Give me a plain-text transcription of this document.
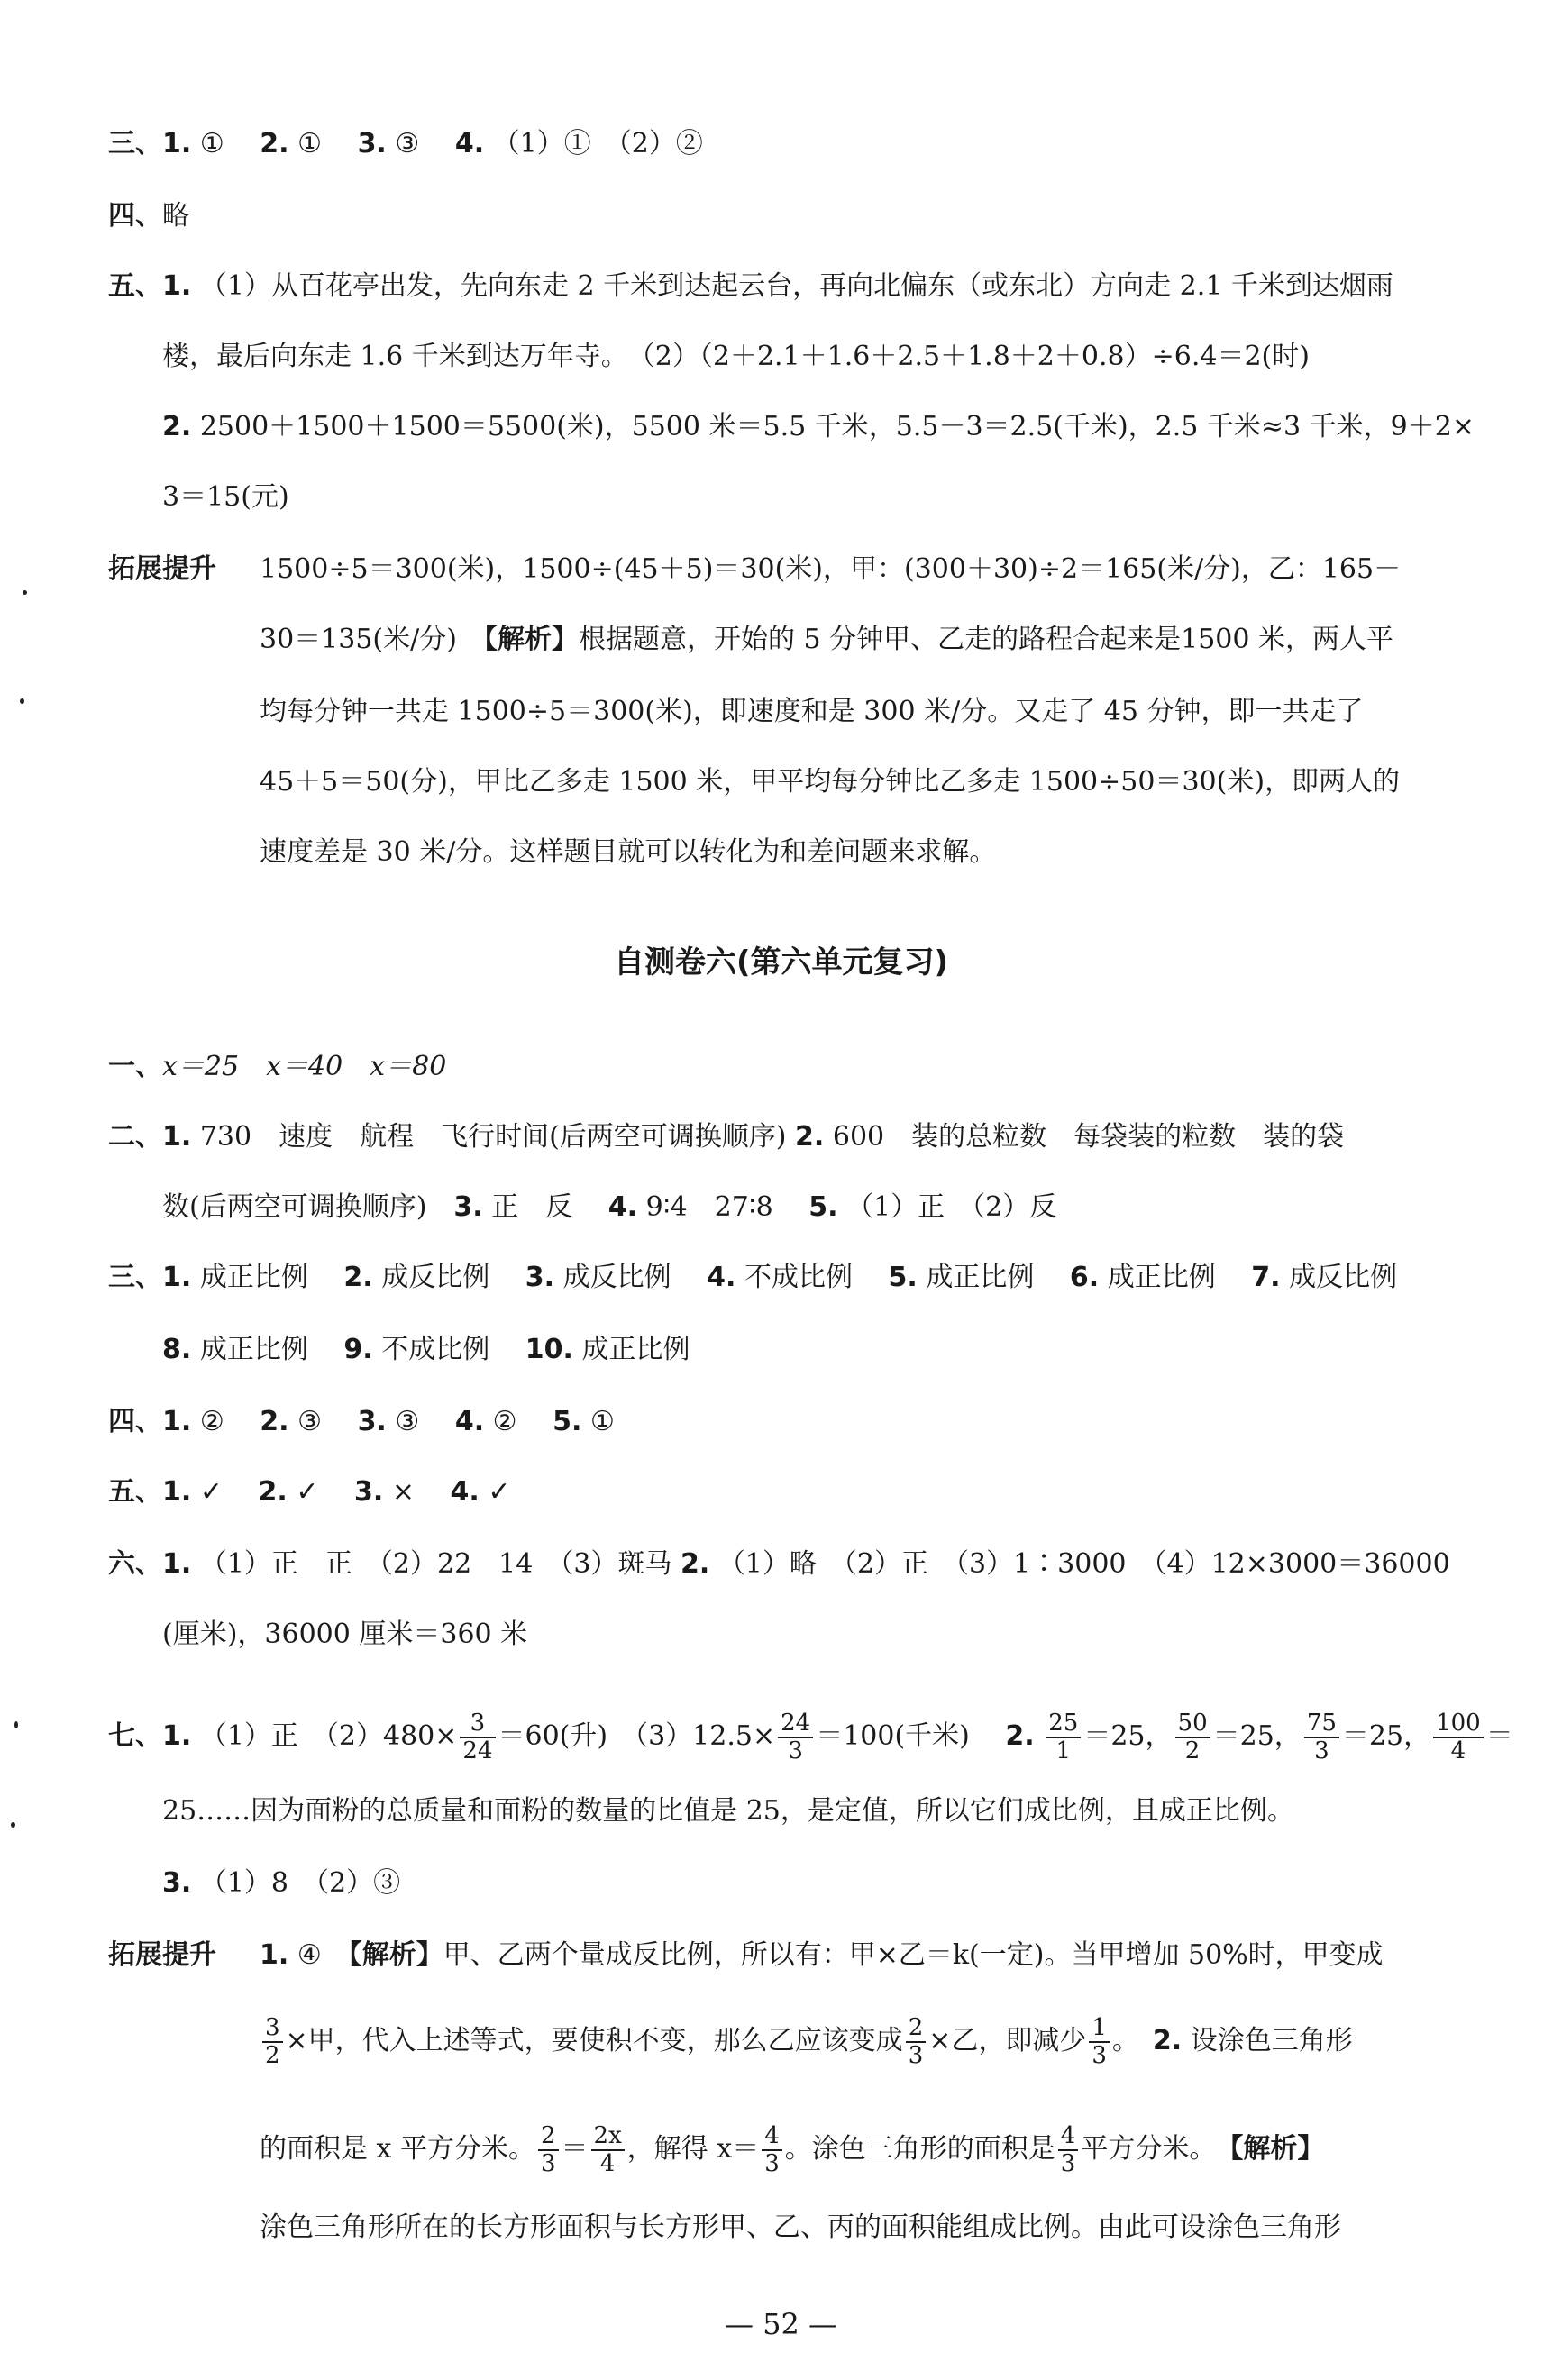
三、1. ① 　 2. ① 　 3. ③ 　 4. （1）①　（2）②
四、略
五、1. （1）从百花亭出发，先向东走 2 千米到达起云台，再向北偏东（或东北）方向走 2.1 千米到达烟雨
楼，最后向东走 1.6 千米到达万年寺。　（2）（2＋2.1＋1.6＋2.5＋1.8＋2＋0.8）÷6.4＝2(时)
2. 2500＋1500＋1500＝5500(米)，5500 米＝5.5 千米，5.5－3＝2.5(千米)，2.5 千米≈3 千米，9＋2×
3＝15(元)
拓展提升 1500÷5＝300(米)，1500÷(45＋5)＝30(米)，甲：(300＋30)÷2＝165(米/分)，乙：165－
30＝135(米/分)　【解析】根据题意，开始的 5 分钟甲、乙走的路程合起来是1500 米，两人平
均每分钟一共走 1500÷5＝300(米)，即速度和是 300 米/分。又走了 45 分钟，即一共走了
45＋5＝50(分)，甲比乙多走 1500 米，甲平均每分钟比乙多走 1500÷50＝30(米)，即两人的
速度差是 30 米/分。这样题目就可以转化为和差问题来求解。
自测卷六(第六单元复习)
一、x＝25　x＝40　x＝80
二、1. 730　速度　航程　飞行时间(后两空可调换顺序) 2. 600　装的总粒数　每袋装的粒数　装的袋
数(后两空可调换顺序)　 3. 正　反 　 4. 9∶4　27∶8 　 5. （1）正　（2）反
三、1. 成正比例 　 2. 成反比例 　 3. 成反比例 　 4. 不成比例 　 5. 成正比例 　 6. 成正比例 　 7. 成反比例
8. 成正比例 　 9. 不成比例 　 10. 成正比例
四、1. ② 　 2. ③ 　 3. ③ 　 4. ② 　 5. ①
五、1. ✓ 　 2. ✓ 　 3. × 　 4. ✓
六、1. （1）正　正　（2）22　14　（3）斑马 2. （1）略　（2）正　（3）1∶3000　（4）12×3000＝36000
(厘米)，36000 厘米＝360 米
七、1. （1）正　$(2)480\times \frac{3}{24} =60$(升)　$(3)12.5\times \frac{24}{3} =100$(千米) 　 2. $\frac{25}{1} =25$， $\frac{50}{2} =25$， $\frac{75}{3} =25$， $\frac{100}{4}$ ＝
25……因为面粉的总质量和面粉的数量的比值是 25，是定值，所以它们成比例，且成正比例。
3. （1）8　（2）③
拓展提升 1. ④　【解析】甲、乙两个量成反比例，所以有：甲×乙＝k(一定)。当甲增加 50%时，甲变成
$\frac{3}{2}$ ×甲，代入上述等式，要使积不变，那么乙应该变成 $\frac{2}{3}$ ×乙，即减少 $\frac{1}{3}$ 。　2. 设涂色三角形
的面积是 x 平方分米。 $\frac{2}{3} = \frac{2x}{4}$ ，解得 $x= \frac{4}{3}$ 。涂色三角形的面积是 $\frac{4}{3}$ 平方分米。　 【解析】
涂色三角形所在的长方形面积与长方形甲、乙、丙的面积能组成比例。由此可设涂色三角形
— 52 —
